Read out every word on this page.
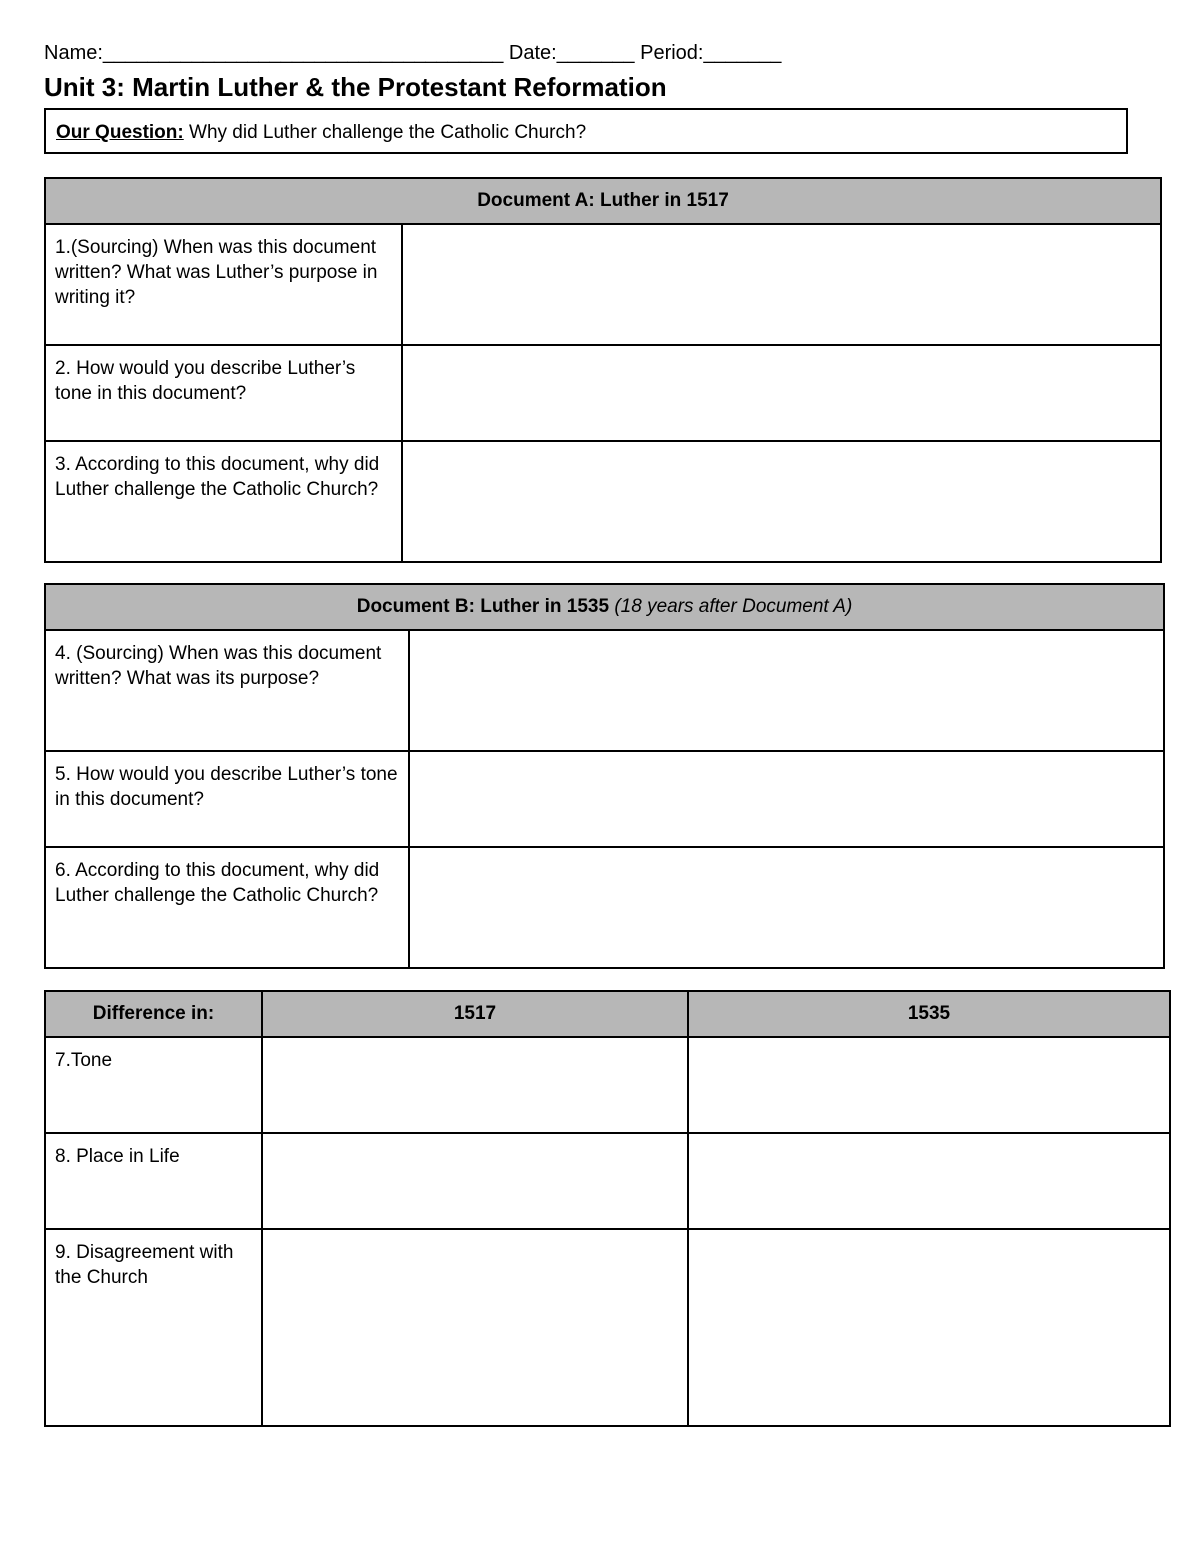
Name:____________________________________ Date:_______ Period:_______
Unit 3: Martin Luther & the Protestant Reformation
Our Question: Why did Luther challenge the Catholic Church?
Document A: Luther in 1517	
1.(Sourcing) When was this document written? What was Luther’s purpose in writing it?	
2. How would you describe Luther’s tone in this document?	
3. According to this document, why did Luther challenge the Catholic Church?	
Document B: Luther in 1535 (18 years after Document A)	
4. (Sourcing) When was this document written? What was its purpose?	
5. How would you describe Luther’s tone in this document?	
6. According to this document, why did Luther challenge the Catholic Church?	
Difference in:	1517	1535
7.Tone		
8. Place in Life		
9. Disagreement with the Church		
